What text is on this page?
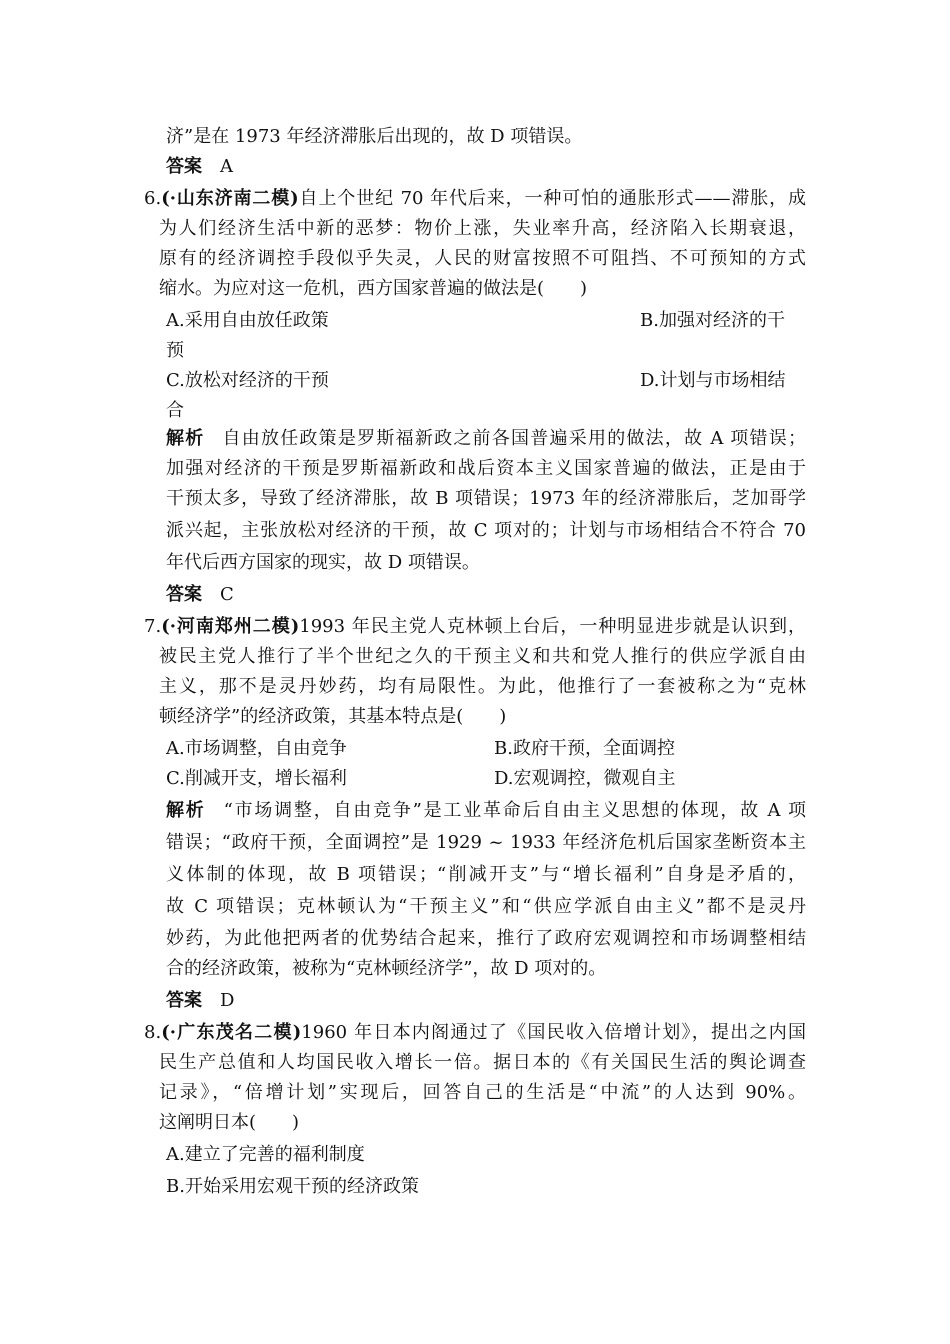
济”是在 1973 年经济滞胀后出现的，故 D 项错误。
答案 A
6.(·山东济南二模)自上个世纪 70 年代后来，一种可怕的通胀形式——滞胀，成
为人们经济生活中新的恶梦：物价上涨，失业率升高，经济陷入长期衰退，
原有的经济调控手段似乎失灵，人民的财富按照不可阻挡、不可预知的方式
缩水。为应对这一危机，西方国家普遍的做法是(　　)
A.采用自由放任政策	B.加强对经济的干
预
C.放松对经济的干预	D.计划与市场相结
合
解析 自由放任政策是罗斯福新政之前各国普遍采用的做法，故 A 项错误；
加强对经济的干预是罗斯福新政和战后资本主义国家普遍的做法，正是由于
干预太多，导致了经济滞胀，故 B 项错误；1973 年的经济滞胀后，芝加哥学
派兴起，主张放松对经济的干预，故 C 项对的；计划与市场相结合不符合 70
年代后西方国家的现实，故 D 项错误。
答案 C
7.(·河南郑州二模)1993 年民主党人克林顿上台后，一种明显进步就是认识到，
被民主党人推行了半个世纪之久的干预主义和共和党人推行的供应学派自由
主义，那不是灵丹妙药，均有局限性。为此，他推行了一套被称之为“克林
顿经济学”的经济政策，其基本特点是(　　)
A.市场调整，自由竞争	B.政府干预，全面调控
C.削减开支，增长福利	D.宏观调控，微观自主
解析 “市场调整，自由竞争”是工业革命后自由主义思想的体现，故 A 项
错误；“政府干预，全面调控”是 1929 ~ 1933 年经济危机后国家垄断资本主
义体制的体现，故 B 项错误；“削减开支”与“增长福利”自身是矛盾的，
故 C 项错误；克林顿认为“干预主义”和“供应学派自由主义”都不是灵丹
妙药，为此他把两者的优势结合起来，推行了政府宏观调控和市场调整相结
合的经济政策，被称为“克林顿经济学”，故 D 项对的。
答案 D
8.(·广东茂名二模)1960 年日本内阁通过了《国民收入倍增计划》，提出之内国
民生产总值和人均国民收入增长一倍。据日本的《有关国民生活的舆论调查
记录》，“倍增计划”实现后，回答自己的生活是“中流”的人达到 90%。
这阐明日本(　　)
A.建立了完善的福利制度
B.开始采用宏观干预的经济政策
